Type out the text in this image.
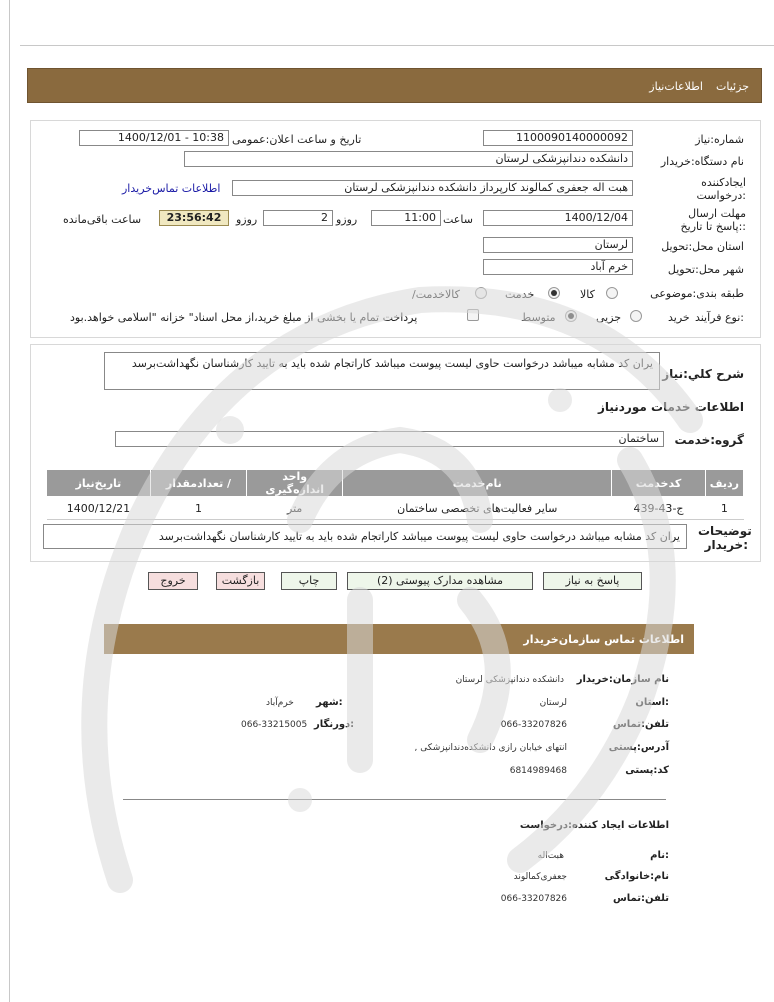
جزئيات
اطلاعات‌نیاز
شماره:نیاز
1100090140000092
تاریخ و ساعت اعلان:عمومی
1400/12/01 - 10:38
نام دستگاه:خریدار
دانشکده دندانپزشکی لرستان
ایجادکننده درخواست:
هبت اله جعفری کمالوند کارپرداز دانشکده دندانپزشکی لرستان
اطلاعات تماس‌خریدار
مهلت ارسال :پاسخ تا تاریخ:
1400/12/04
ساعت
11:00
روزو
2
روزو
23:56:42
ساعت باقی‌مانده
استان محل:تحویل
لرستان
شهر محل:تحویل
خرم آباد
طبقه بندی:موضوعی
کالا
خدمت
/کالاخدمت
نوع فرآیند:
خرید
جزیی
متوسط
پرداخت تمام یا بخشی از مبلغ خرید،از محل اسناد" خزانه "اسلامی خواهد.بود
شرح کلي:نیاز
یران کد مشابه میباشد درخواست حاوی لیست پیوست میباشد کاراتجام شده باید به تایید کارشناسان نگهداشت‌برسد
اطلاعات خدمات موردنیاز
گروه:خدمت
ساختمان
ردیف	کدخدمت	نام‌خدمت	واحد اندازه‌گیری	/ تعدادمقدار	تاریخ‌نیاز
1	ج-43-439	سایر فعالیت‌های تخصصی ساختمان	متر	1	1400/12/21
توضیحات :خریدار
یران کد مشابه میباشد درخواست حاوی لیست پیوست میباشد کاراتجام شده باید به تایید کارشناسان نگهداشت‌برسد
پاسخ به نیاز
مشاهده مدارک پیوستی (2)
چاپ
بازگشت
خروج
اطلاعات تماس سازمان‌خریدار
نام سازمان:خریدار
دانشکده دندانپزشکی لرستان
:استان
لرستان
:شهر
خرم‌آباد
تلفن:تماس
066-33207826
:دورنگار
066-33215005
آدرس:پستی
انتهای خیابان رازی دانشکده‌دندانپزشکی ,
کد:پستی
6814989468
اطلاعات ایجاد کننده:درخواست
:نام
هبت‌اله
نام:خانوادگی
جعفری‌کمالوند
تلفن:تماس
066-33207826
